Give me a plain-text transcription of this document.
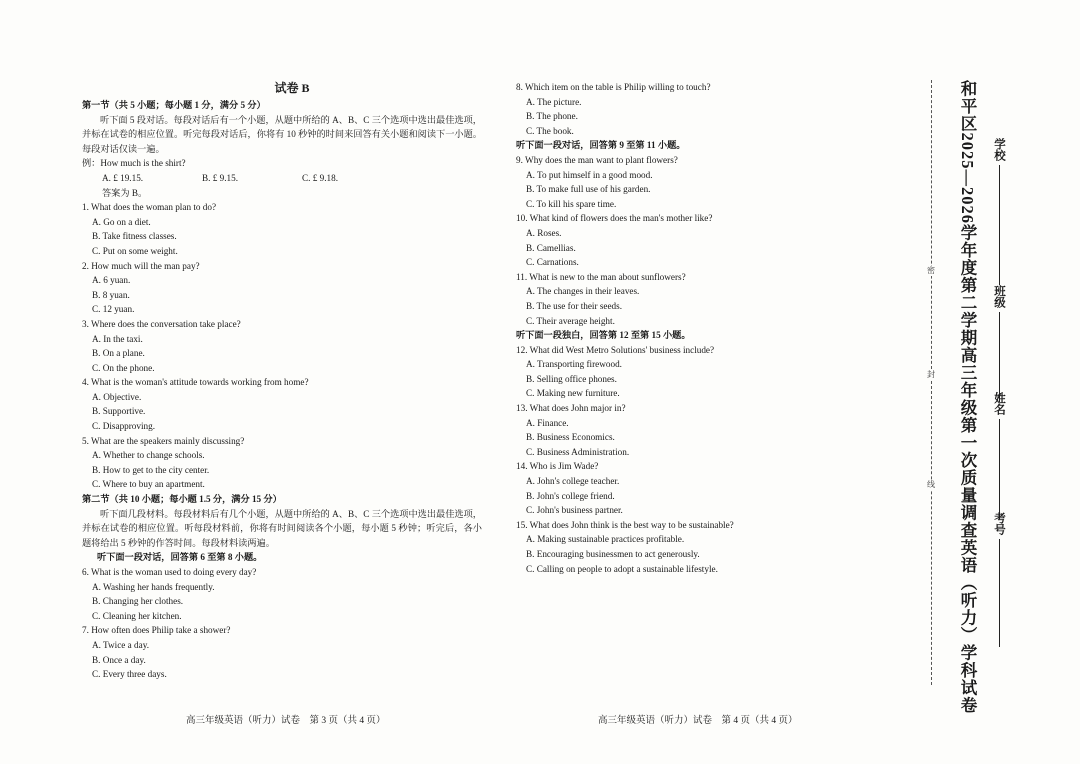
试卷 B
第一节（共 5 小题；每小题 1 分，满分 5 分）
听下面 5 段对话。每段对话后有一个小题，从题中所给的 A、B、C 三个选项中选出最佳选项，并标在试卷的相应位置。听完每段对话后，你将有 10 秒钟的时间来回答有关小题和阅读下一小题。每段对话仅读一遍。
例：How much is the shirt?
A. £ 19.15.	B. £ 9.15.	C. £ 9.18.
答案为 B。
1. What does the woman plan to do?
A. Go on a diet.
B. Take fitness classes.
C. Put on some weight.
2. How much will the man pay?
A. 6 yuan.
B. 8 yuan.
C. 12 yuan.
3. Where does the conversation take place?
A. In the taxi.
B. On a plane.
C. On the phone.
4. What is the woman's attitude towards working from home?
A. Objective.
B. Supportive.
C. Disapproving.
5. What are the speakers mainly discussing?
A. Whether to change schools.
B. How to get to the city center.
C. Where to buy an apartment.
第二节（共 10 小题；每小题 1.5 分，满分 15 分）
听下面几段材料。每段材料后有几个小题，从题中所给的 A、B、C 三个选项中选出最佳选项，并标在试卷的相应位置。听每段材料前，你将有时间阅读各个小题，每小题 5 秒钟；听完后，各小题将给出 5 秒钟的作答时间。每段材料读两遍。
听下面一段对话，回答第 6 至第 8 小题。
6. What is the woman used to doing every day?
A. Washing her hands frequently.
B. Changing her clothes.
C. Cleaning her kitchen.
7. How often does Philip take a shower?
A. Twice a day.
B. Once a day.
C. Every three days.
8. Which item on the table is Philip willing to touch?
A. The picture.
B. The phone.
C. The book.
听下面一段对话，回答第 9 至第 11 小题。
9. Why does the man want to plant flowers?
A. To put himself in a good mood.
B. To make full use of his garden.
C. To kill his spare time.
10. What kind of flowers does the man's mother like?
A. Roses.
B. Camellias.
C. Carnations.
11. What is new to the man about sunflowers?
A. The changes in their leaves.
B. The use for their seeds.
C. Their average height.
听下面一段独白，回答第 12 至第 15 小题。
12. What did West Metro Solutions' business include?
A. Transporting firewood.
B. Selling office phones.
C. Making new furniture.
13. What does John major in?
A. Finance.
B. Business Economics.
C. Business Administration.
14. Who is Jim Wade?
A. John's college teacher.
B. John's college friend.
C. John's business partner.
15. What does John think is the best way to be sustainable?
A. Making sustainable practices profitable.
B. Encouraging businessmen to act generously.
C. Calling on people to adopt a sustainable lifestyle.
高三年级英语（听力）试卷　第 3 页（共 4 页）	高三年级英语（听力）试卷　第 4 页（共 4 页）
密
封
线 和平区2025—2026学年度第二学期高三年级第一次质量调查英语（听力）学科试卷 学校
班级
姓名
考号
